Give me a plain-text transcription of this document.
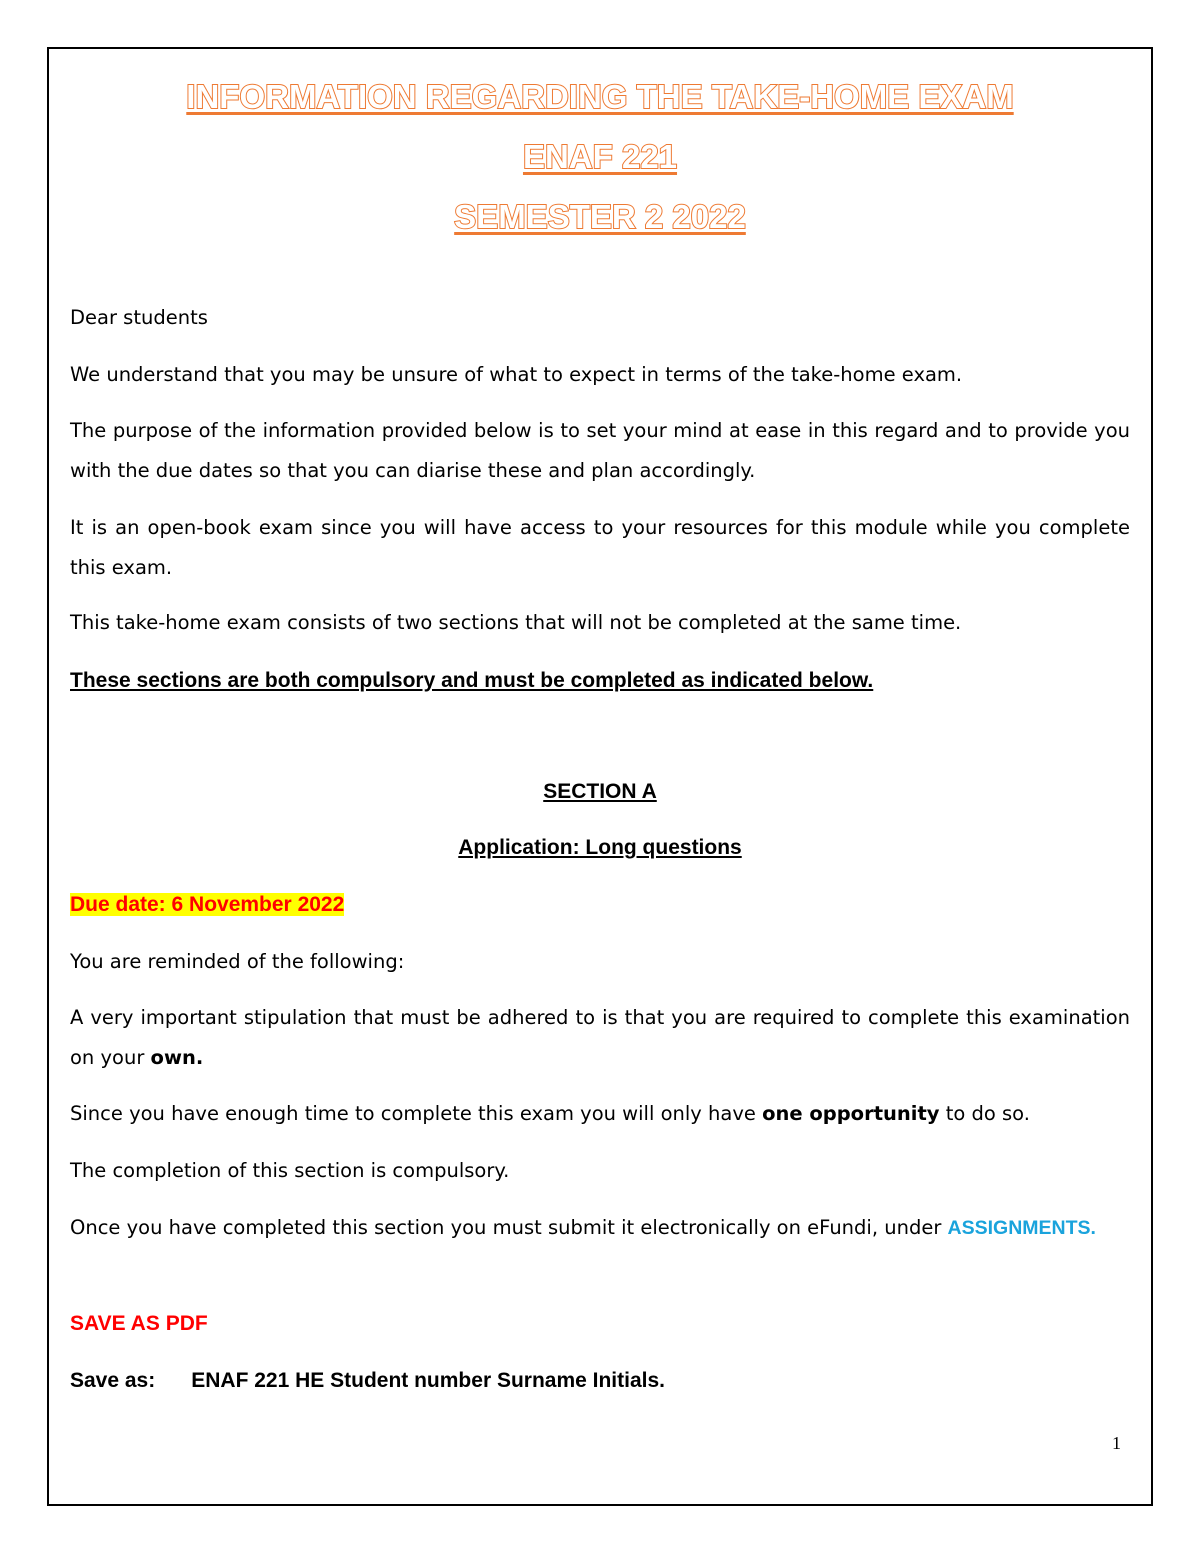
INFORMATION REGARDING THE TAKE-HOME EXAM
ENAF 221
SEMESTER 2 2022

Dear students

We understand that you may be unsure of what to expect in terms of the take-home exam.

The purpose of the information provided below is to set your mind at ease in this regard and to provide you with the due dates so that you can diarise these and plan accordingly.

It is an open-book exam since you will have access to your resources for this module while you complete this exam.

This take-home exam consists of two sections that will not be completed at the same time.

These sections are both compulsory and must be completed as indicated below.

SECTION A

Application: Long questions

Due date: 6 November 2022

You are reminded of the following:

A very important stipulation that must be adhered to is that you are required to complete this examination on your own.

Since you have enough time to complete this exam you will only have one opportunity to do so.

The completion of this section is compulsory.

Once you have completed this section you must submit it electronically on eFundi, under ASSIGNMENTS.

SAVE AS PDF

Save as: ENAF 221 HE Student number Surname Initials.

1
